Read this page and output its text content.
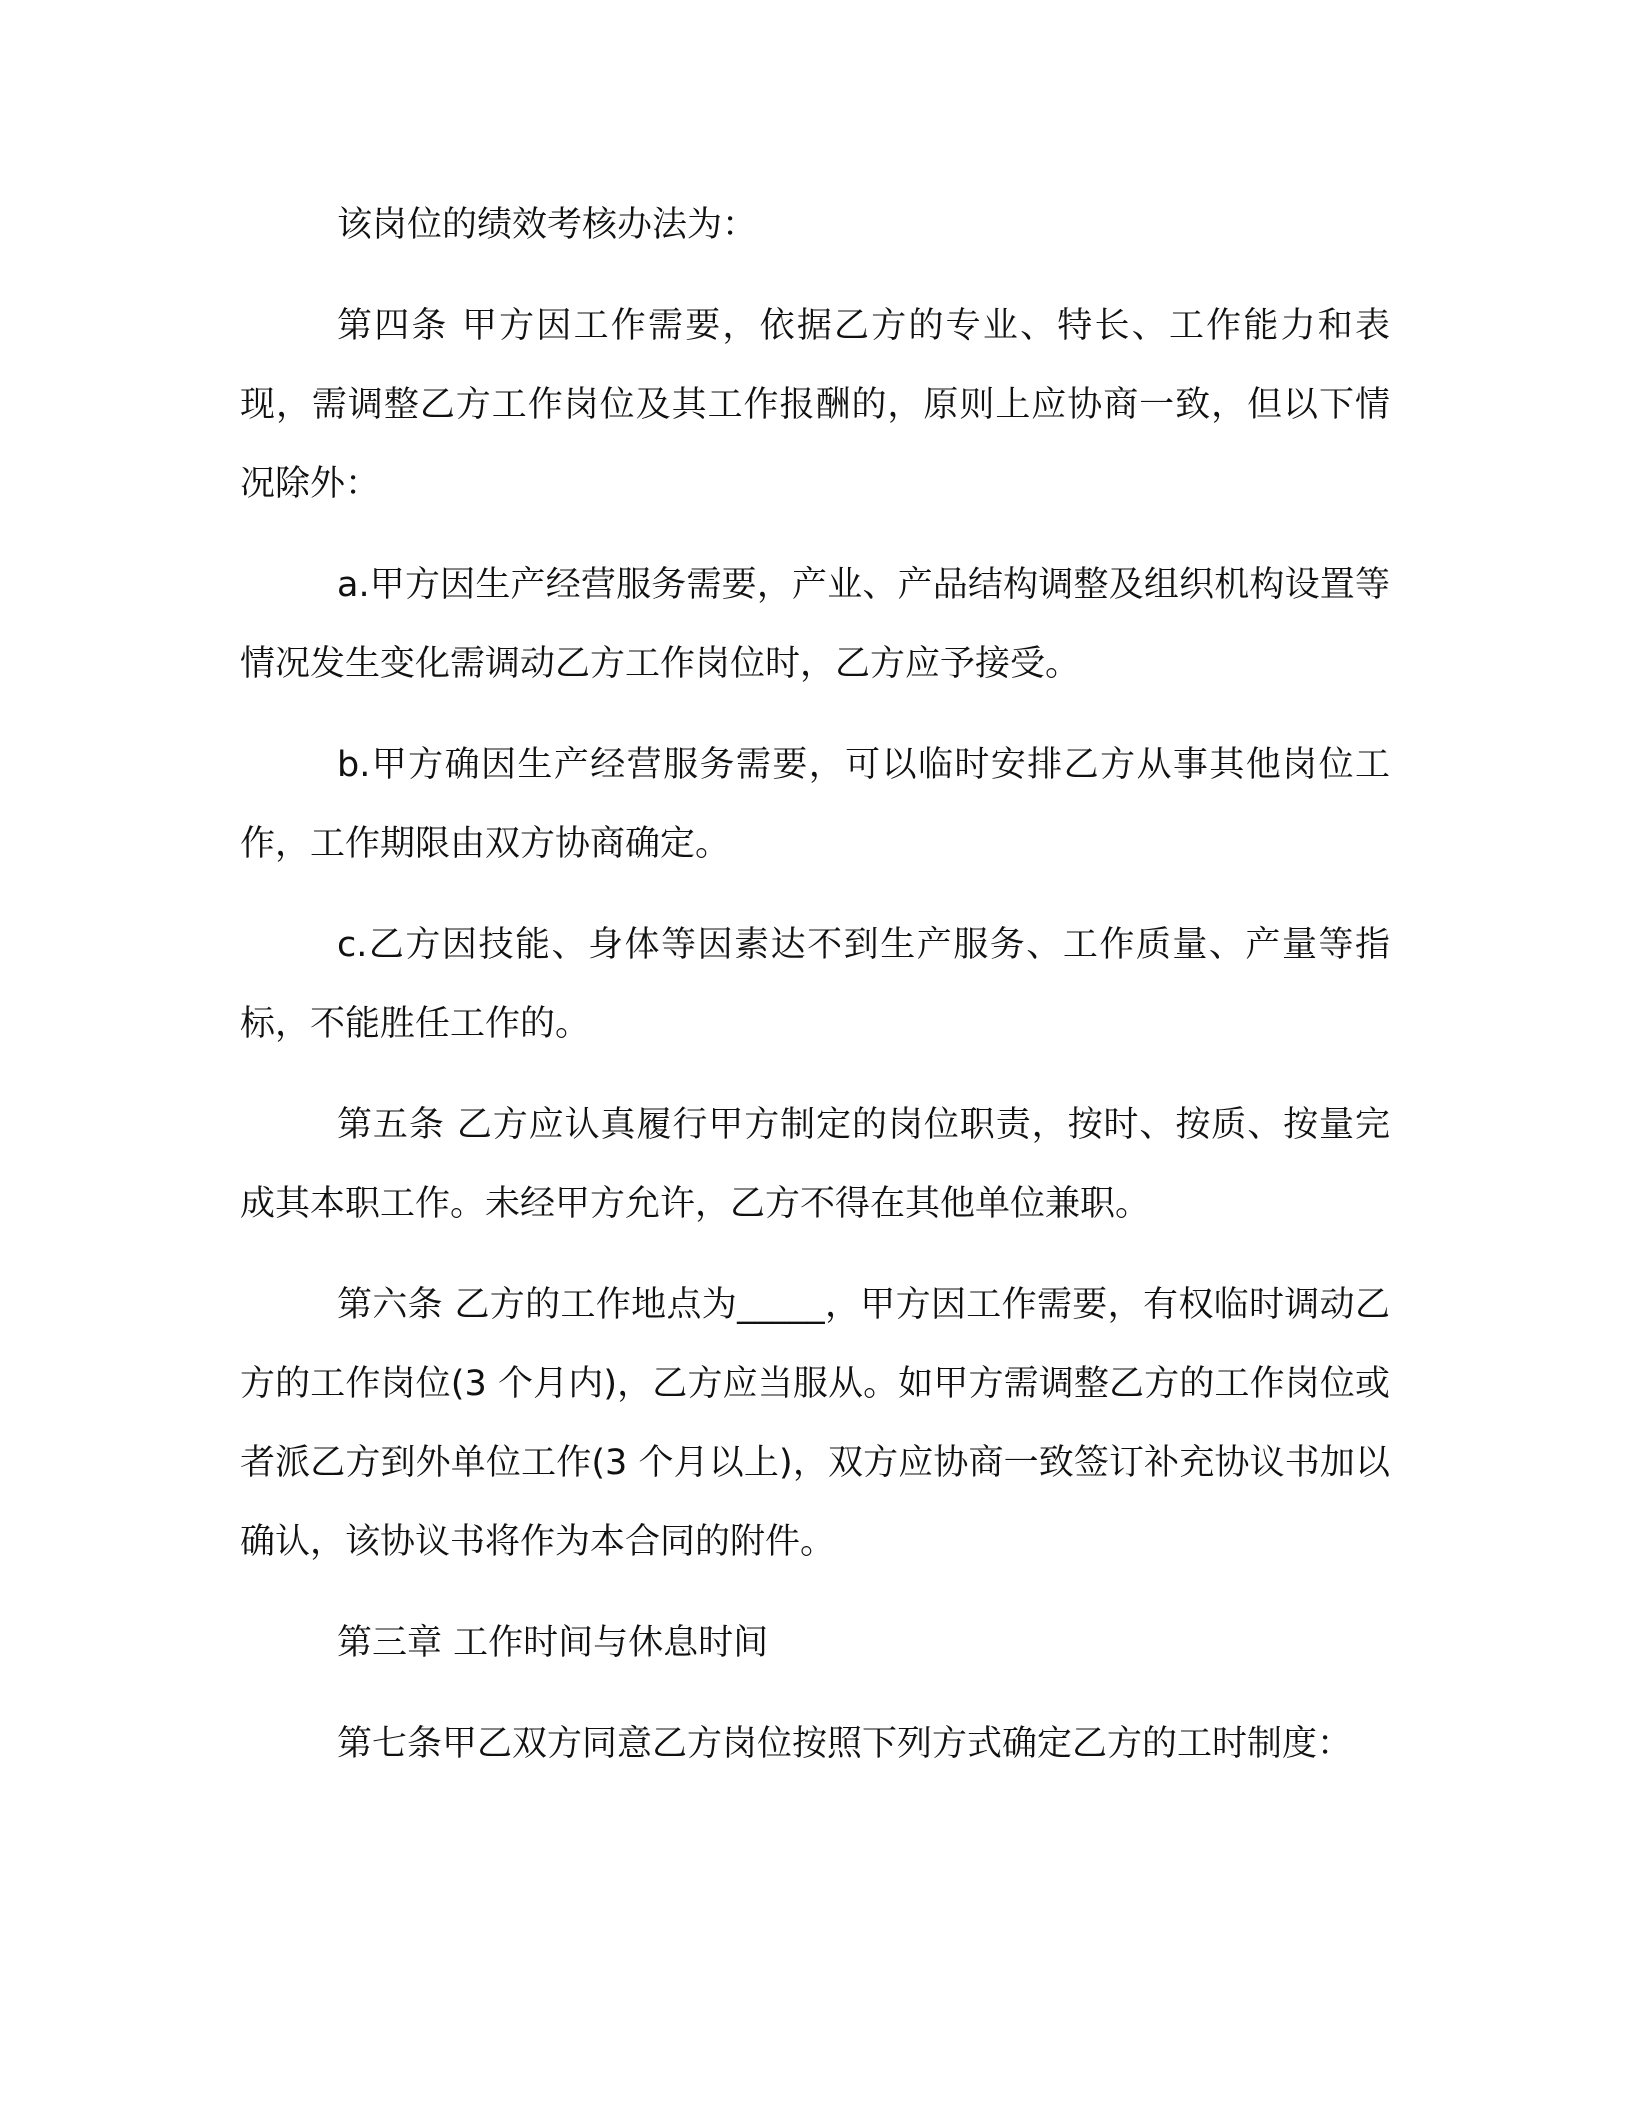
该岗位的绩效考核办法为：

第四条 甲方因工作需要，依据乙方的专业、特长、工作能力和表现，需调整乙方工作岗位及其工作报酬的，原则上应协商一致，但以下情况除外：

a.甲方因生产经营服务需要，产业、产品结构调整及组织机构设置等情况发生变化需调动乙方工作岗位时，乙方应予接受。

b.甲方确因生产经营服务需要，可以临时安排乙方从事其他岗位工作，工作期限由双方协商确定。

c.乙方因技能、身体等因素达不到生产服务、工作质量、产量等指标，不能胜任工作的。

第五条 乙方应认真履行甲方制定的岗位职责，按时、按质、按量完成其本职工作。未经甲方允许，乙方不得在其他单位兼职。

第六条 乙方的工作地点为_____，甲方因工作需要，有权临时调动乙方的工作岗位(3 个月内)，乙方应当服从。如甲方需调整乙方的工作岗位或者派乙方到外单位工作(3 个月以上)，双方应协商一致签订补充协议书加以确认，该协议书将作为本合同的附件。

第三章 工作时间与休息时间

第七条甲乙双方同意乙方岗位按照下列方式确定乙方的工时制度：
